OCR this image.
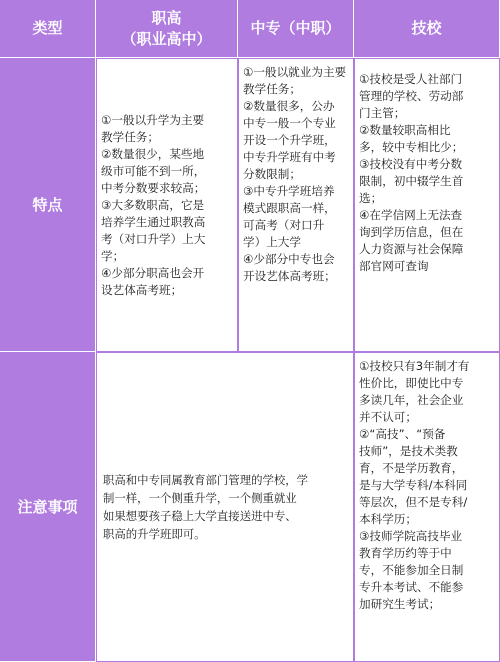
类型
职高
（职业高中）
中专（中职）	技校
特点
①一般以升学为主要
教学任务；
②数量很少，某些地
级市可能不到一所，
中考分数要求较高；
③大多数职高，它是
培养学生通过职教高
考（对口升学）上大
学；
④少部分职高也会开
设艺体高考班；
①一般以就业为主要
教学任务；
②数量很多，公办
中专一般一个专业
开设一个升学班，
中专升学班有中考
分数限制；
③中专升学班培养
模式跟职高一样，
可高考（对口升
学）上大学
④少部分中专也会
开设艺体高考班；
①技校是受人社部门
管理的学校、劳动部
门主管；
②数量较职高相比
多，较中专相比少；
③技校没有中考分数
限制，初中辍学生首
选；
④在学信网上无法查
询到学历信息，但在
人力资源与社会保障
部官网可查询
注意事项
职高和中专同属教育部门管理的学校，学
制一样，一个侧重升学，一个侧重就业
如果想要孩子稳上大学直接送进中专、
职高的升学班即可。
①技校只有3年制才有
性价比，即使比中专
多读几年，社会企业
并不认可；
②“高技”、“预备
技师”，是技术类教
育，不是学历教育，
是与大学专科/本科同
等层次，但不是专科/
本科学历；
③技师学院高技毕业
教育学历约等于中
专，不能参加全日制
专升本考试、不能参
加研究生考试；
